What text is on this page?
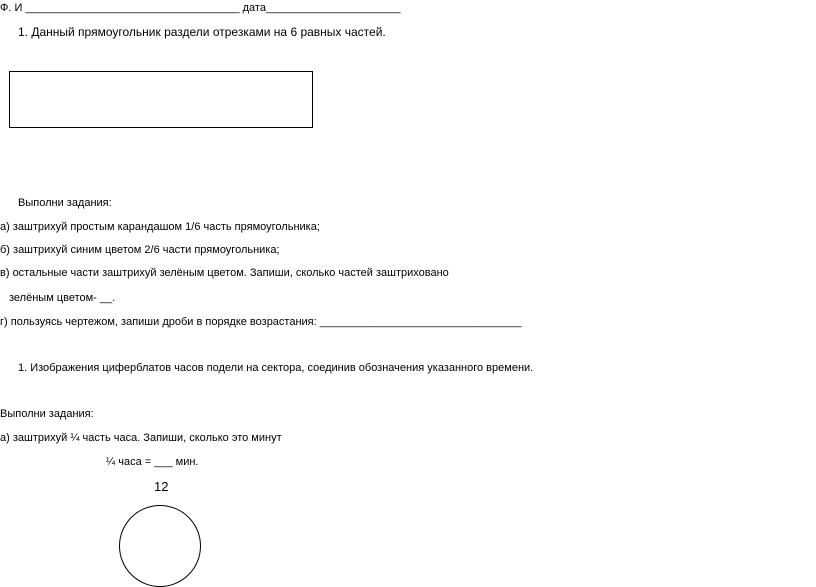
Ф. И ___________________________________ дата______________________
1. Данный прямоугольник раздели отрезками на 6 равных частей.
Выполни задания:
а) заштрихуй простым карандашом 1/6 часть прямоугольника;
б) заштрихуй синим цветом 2/6 части прямоугольника;
в) остальные части заштрихуй зелёным цветом. Запиши, сколько частей заштриховано
зелёным цветом- __.
г) пользуясь чертежом, запиши дроби в порядке возрастания: _________________________________
1. Изображения циферблатов часов подели на сектора, соединив обозначения указанного времени.
Выполни задания:
а) заштрихуй ¼ часть часа. Запиши, сколько это минут
¼ часа = ___ мин.
12
